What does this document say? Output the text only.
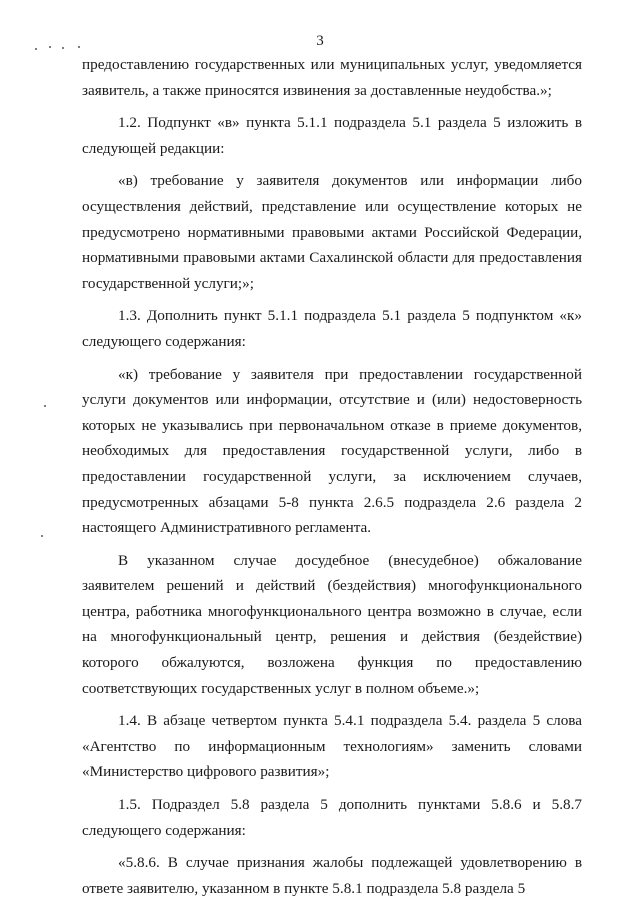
3

предоставлению государственных или муниципальных услуг, уведомляется заявитель, а также приносятся извинения за доставленные неудобства.»;

1.2. Подпункт «в» пункта 5.1.1 подраздела 5.1 раздела 5 изложить в следующей редакции:

«в) требование у заявителя документов или информации либо осуществления действий, представление или осуществление которых не предусмотрено нормативными правовыми актами Российской Федерации, нормативными правовыми актами Сахалинской области для предоставления государственной услуги;»;

1.3. Дополнить пункт 5.1.1 подраздела 5.1 раздела 5 подпунктом «к» следующего содержания:

«к) требование у заявителя при предоставлении государственной услуги документов или информации, отсутствие и (или) недостоверность которых не указывались при первоначальном отказе в приеме документов, необходимых для предоставления государственной услуги, либо в предоставлении государственной услуги, за исключением случаев, предусмотренных абзацами 5-8 пункта 2.6.5 подраздела 2.6 раздела 2 настоящего Административного регламента.

В указанном случае досудебное (внесудебное) обжалование заявителем решений и действий (бездействия) многофункционального центра, работника многофункционального центра возможно в случае, если на многофункциональный центр, решения и действия (бездействие) которого обжалуются, возложена функция по предоставлению соответствующих государственных услуг в полном объеме.»;

1.4. В абзаце четвертом пункта 5.4.1 подраздела 5.4. раздела 5 слова «Агентство по информационным технологиям» заменить словами «Министерство цифрового развития»;

1.5. Подраздел 5.8 раздела 5 дополнить пунктами 5.8.6 и 5.8.7 следующего содержания:

«5.8.6. В случае признания жалобы подлежащей удовлетворению в ответе заявителю, указанном в пункте 5.8.1 подраздела 5.8 раздела 5
